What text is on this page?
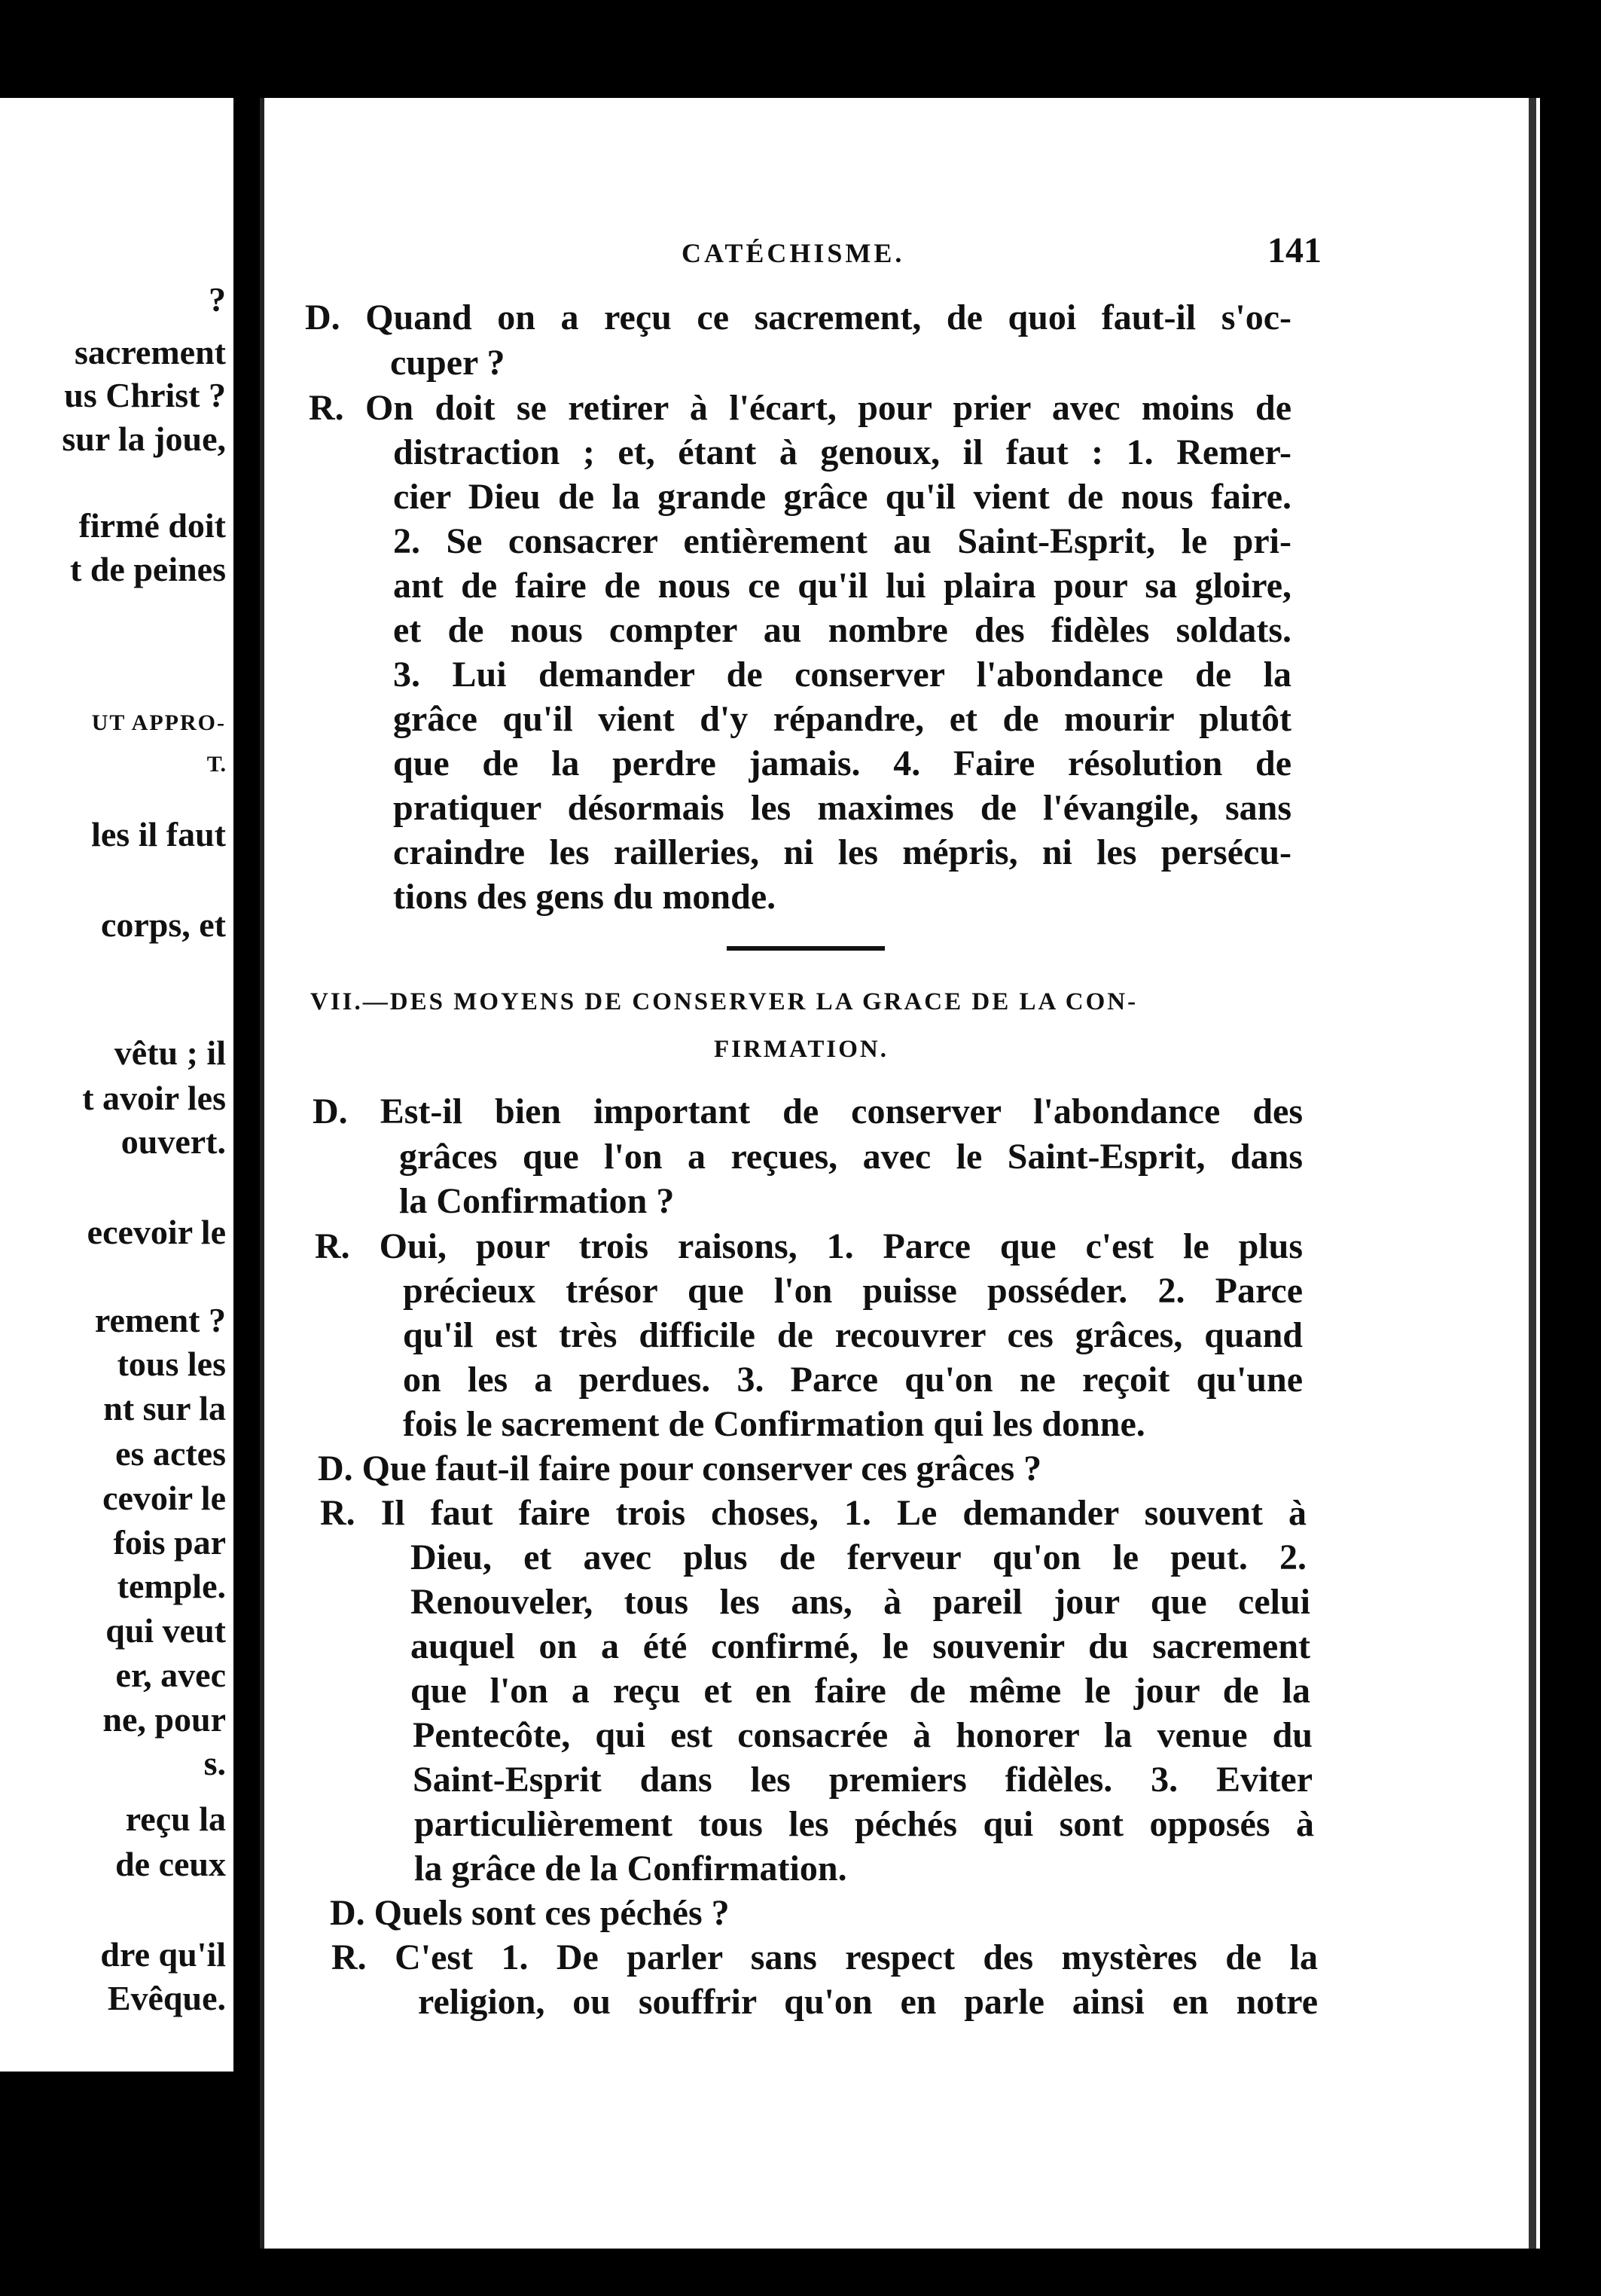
?
sacrement
us Christ ?
sur la joue,
firmé doit
t de peines
UT APPRO-
T.
les il faut
corps, et
vêtu ; il
t avoir les
ouvert.
ecevoir le
rement ?
tous les
nt sur la
es actes
cevoir le
fois par
temple.
qui veut
er, avec
ne, pour
s.
reçu la
de ceux
dre qu'il
Evêque.
CATÉCHISME.	141
D. Quand on a reçu ce sacrement, de quoi faut-il s'oc-
cuper ?
R. On doit se retirer à l'écart, pour prier avec moins de
distraction ; et, étant à genoux, il faut : 1. Remer-
cier Dieu de la grande grâce qu'il vient de nous faire.
2. Se consacrer entièrement au Saint-Esprit, le pri-
ant de faire de nous ce qu'il lui plaira pour sa gloire,
et de nous compter au nombre des fidèles soldats.
3. Lui demander de conserver l'abondance de la
grâce qu'il vient d'y répandre, et de mourir plutôt
que de la perdre jamais. 4. Faire résolution de
pratiquer désormais les maximes de l'évangile, sans
craindre les railleries, ni les mépris, ni les persécu-
tions des gens du monde.
VII.—DES MOYENS DE CONSERVER LA GRACE DE LA CON-
FIRMATION.
D. Est-il bien important de conserver l'abondance des
grâces que l'on a reçues, avec le Saint-Esprit, dans
la Confirmation ?
R. Oui, pour trois raisons, 1. Parce que c'est le plus
précieux trésor que l'on puisse posséder. 2. Parce
qu'il est très difficile de recouvrer ces grâces, quand
on les a perdues. 3. Parce qu'on ne reçoit qu'une
fois le sacrement de Confirmation qui les donne.
D. Que faut-il faire pour conserver ces grâces ?
R. Il faut faire trois choses, 1. Le demander souvent à
Dieu, et avec plus de ferveur qu'on le peut. 2.
Renouveler, tous les ans, à pareil jour que celui
auquel on a été confirmé, le souvenir du sacrement
que l'on a reçu et en faire de même le jour de la
Pentecôte, qui est consacrée à honorer la venue du
Saint-Esprit dans les premiers fidèles. 3. Eviter
particulièrement tous les péchés qui sont opposés à
la grâce de la Confirmation.
D. Quels sont ces péchés ?
R. C'est 1. De parler sans respect des mystères de la
religion, ou souffrir qu'on en parle ainsi en notre
